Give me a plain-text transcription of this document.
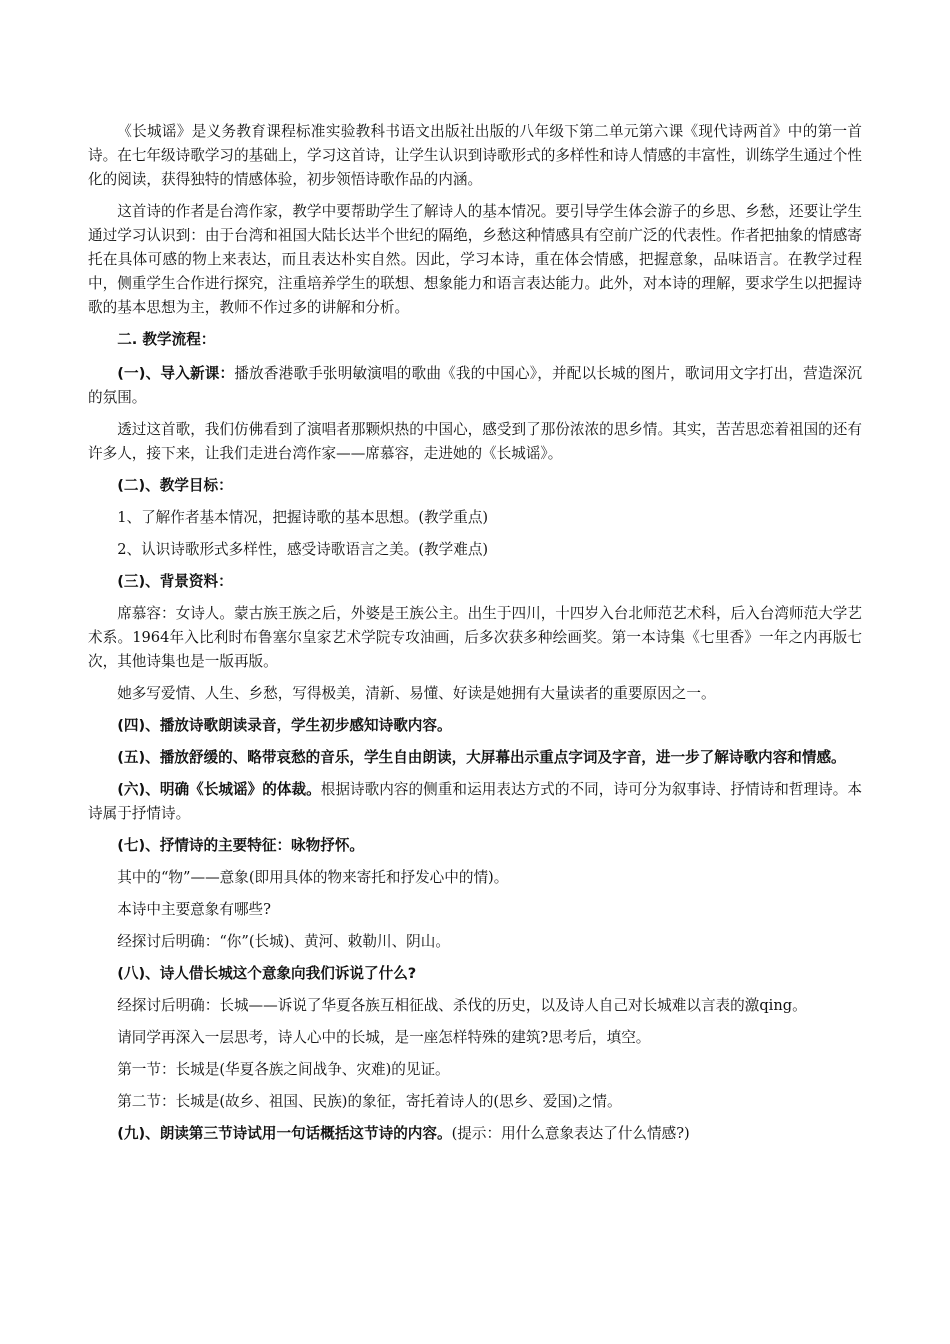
《长城谣》是义务教育课程标准实验教科书语文出版社出版的八年级下第二单元第六课《现代诗两首》中的第一首诗。在七年级诗歌学习的基础上，学习这首诗，让学生认识到诗歌形式的多样性和诗人情感的丰富性，训练学生通过个性化的阅读，获得独特的情感体验，初步领悟诗歌作品的内涵。

这首诗的作者是台湾作家，教学中要帮助学生了解诗人的基本情况。要引导学生体会游子的乡思、乡愁，还要让学生通过学习认识到：由于台湾和祖国大陆长达半个世纪的隔绝，乡愁这种情感具有空前广泛的代表性。作者把抽象的情感寄托在具体可感的物上来表达，而且表达朴实自然。因此，学习本诗，重在体会情感，把握意象，品味语言。在教学过程中，侧重学生合作进行探究，注重培养学生的联想、想象能力和语言表达能力。此外，对本诗的理解，要求学生以把握诗歌的基本思想为主，教师不作过多的讲解和分析。

二. 教学流程：

(一)、导入新课：播放香港歌手张明敏演唱的歌曲《我的中国心》，并配以长城的图片，歌词用文字打出，营造深沉的氛围。

透过这首歌，我们仿佛看到了演唱者那颗炽热的中国心，感受到了那份浓浓的思乡情。其实，苦苦思恋着祖国的还有许多人，接下来，让我们走进台湾作家——席慕容，走进她的《长城谣》。

(二)、教学目标：

1、了解作者基本情况，把握诗歌的基本思想。(教学重点)

2、认识诗歌形式多样性，感受诗歌语言之美。(教学难点)

(三)、背景资料：

席慕容：女诗人。蒙古族王族之后，外婆是王族公主。出生于四川，十四岁入台北师范艺术科，后入台湾师范大学艺术系。1964年入比利时布鲁塞尔皇家艺术学院专攻油画，后多次获多种绘画奖。第一本诗集《七里香》一年之内再版七次，其他诗集也是一版再版。

她多写爱情、人生、乡愁，写得极美，清新、易懂、好读是她拥有大量读者的重要原因之一。

(四)、播放诗歌朗读录音，学生初步感知诗歌内容。

(五)、播放舒缓的、略带哀愁的音乐，学生自由朗读，大屏幕出示重点字词及字音，进一步了解诗歌内容和情感。

(六)、明确《长城谣》的体裁。根据诗歌内容的侧重和运用表达方式的不同，诗可分为叙事诗、抒情诗和哲理诗。本诗属于抒情诗。

(七)、抒情诗的主要特征：咏物抒怀。

其中的“物”——意象(即用具体的物来寄托和抒发心中的情)。

本诗中主要意象有哪些?

经探讨后明确：“你”(长城)、黄河、敕勒川、阴山。

(八)、诗人借长城这个意象向我们诉说了什么?

经探讨后明确：长城——诉说了华夏各族互相征战、杀伐的历史，以及诗人自己对长城难以言表的激qing。

请同学再深入一层思考，诗人心中的长城，是一座怎样特殊的建筑?思考后，填空。

第一节：长城是(华夏各族之间战争、灾难)的见证。

第二节：长城是(故乡、祖国、民族)的象征，寄托着诗人的(思乡、爱国)之情。

(九)、朗读第三节诗试用一句话概括这节诗的内容。(提示：用什么意象表达了什么情感?)
